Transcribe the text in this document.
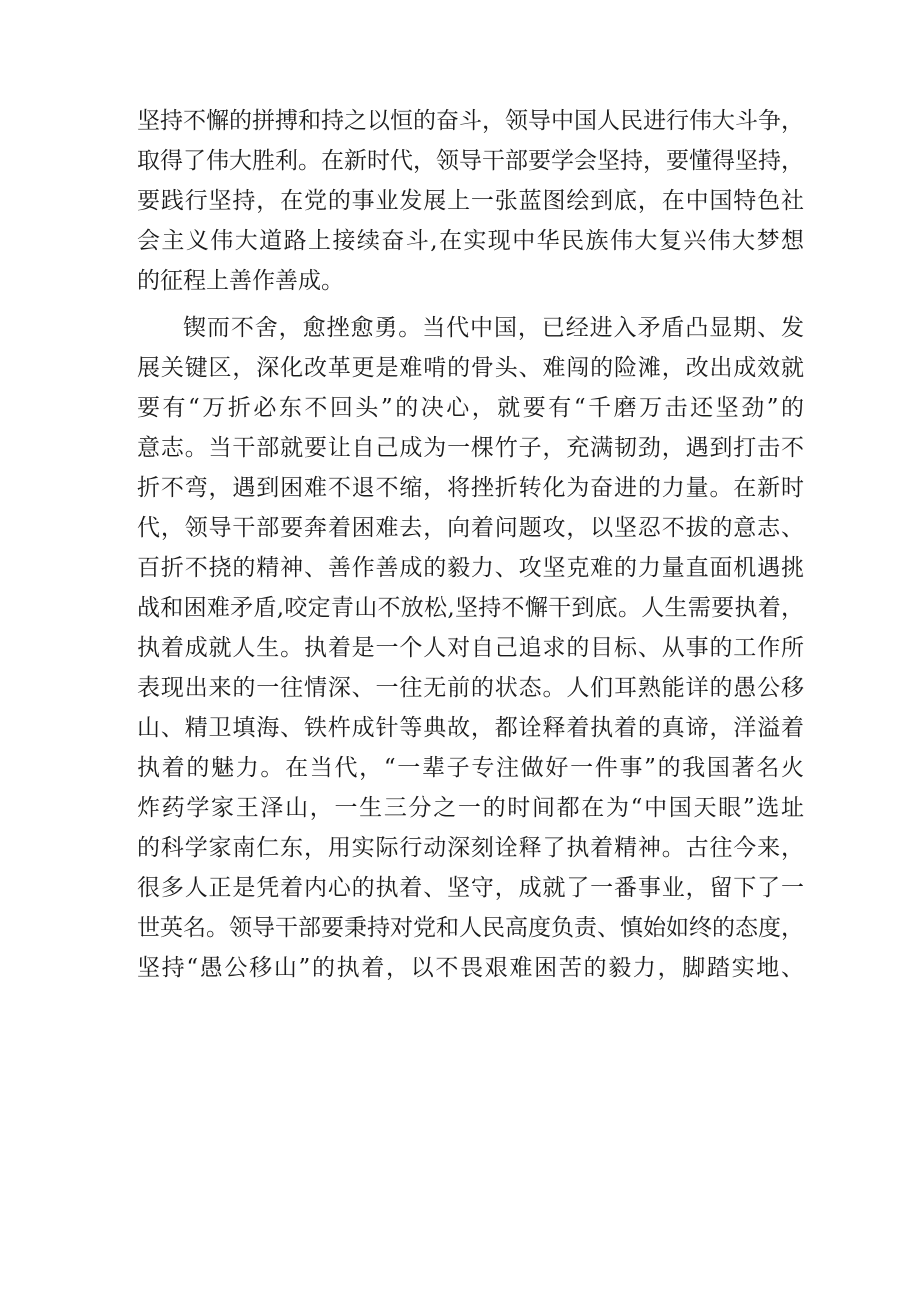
坚持不懈的拼搏和持之以恒的奋斗，领导中国人民进行伟大斗争，
取得了伟大胜利。在新时代，领导干部要学会坚持，要懂得坚持，
要践行坚持，在党的事业发展上一张蓝图绘到底，在中国特色社
会主义伟大道路上接续奋斗,在实现中华民族伟大复兴伟大梦想
的征程上善作善成。
锲而不舍，愈挫愈勇。当代中国，已经进入矛盾凸显期、发
展关键区，深化改革更是难啃的骨头、难闯的险滩，改出成效就
要有“万折必东不回头”的决心，就要有“千磨万击还坚劲”的
意志。当干部就要让自己成为一棵竹子，充满韧劲，遇到打击不
折不弯，遇到困难不退不缩，将挫折转化为奋进的力量。在新时
代，领导干部要奔着困难去，向着问题攻，以坚忍不拔的意志、
百折不挠的精神、善作善成的毅力、攻坚克难的力量直面机遇挑
战和困难矛盾,咬定青山不放松,坚持不懈干到底。人生需要执着，
执着成就人生。执着是一个人对自己追求的目标、从事的工作所
表现出来的一往情深、一往无前的状态。人们耳熟能详的愚公移
山、精卫填海、铁杵成针等典故，都诠释着执着的真谛，洋溢着
执着的魅力。在当代，“一辈子专注做好一件事”的我国著名火
炸药学家王泽山，一生三分之一的时间都在为“中国天眼”选址
的科学家南仁东，用实际行动深刻诠释了执着精神。古往今来，
很多人正是凭着内心的执着、坚守，成就了一番事业，留下了一
世英名。领导干部要秉持对党和人民高度负责、慎始如终的态度，
坚持“愚公移山”的执着，以不畏艰难困苦的毅力，脚踏实地、
